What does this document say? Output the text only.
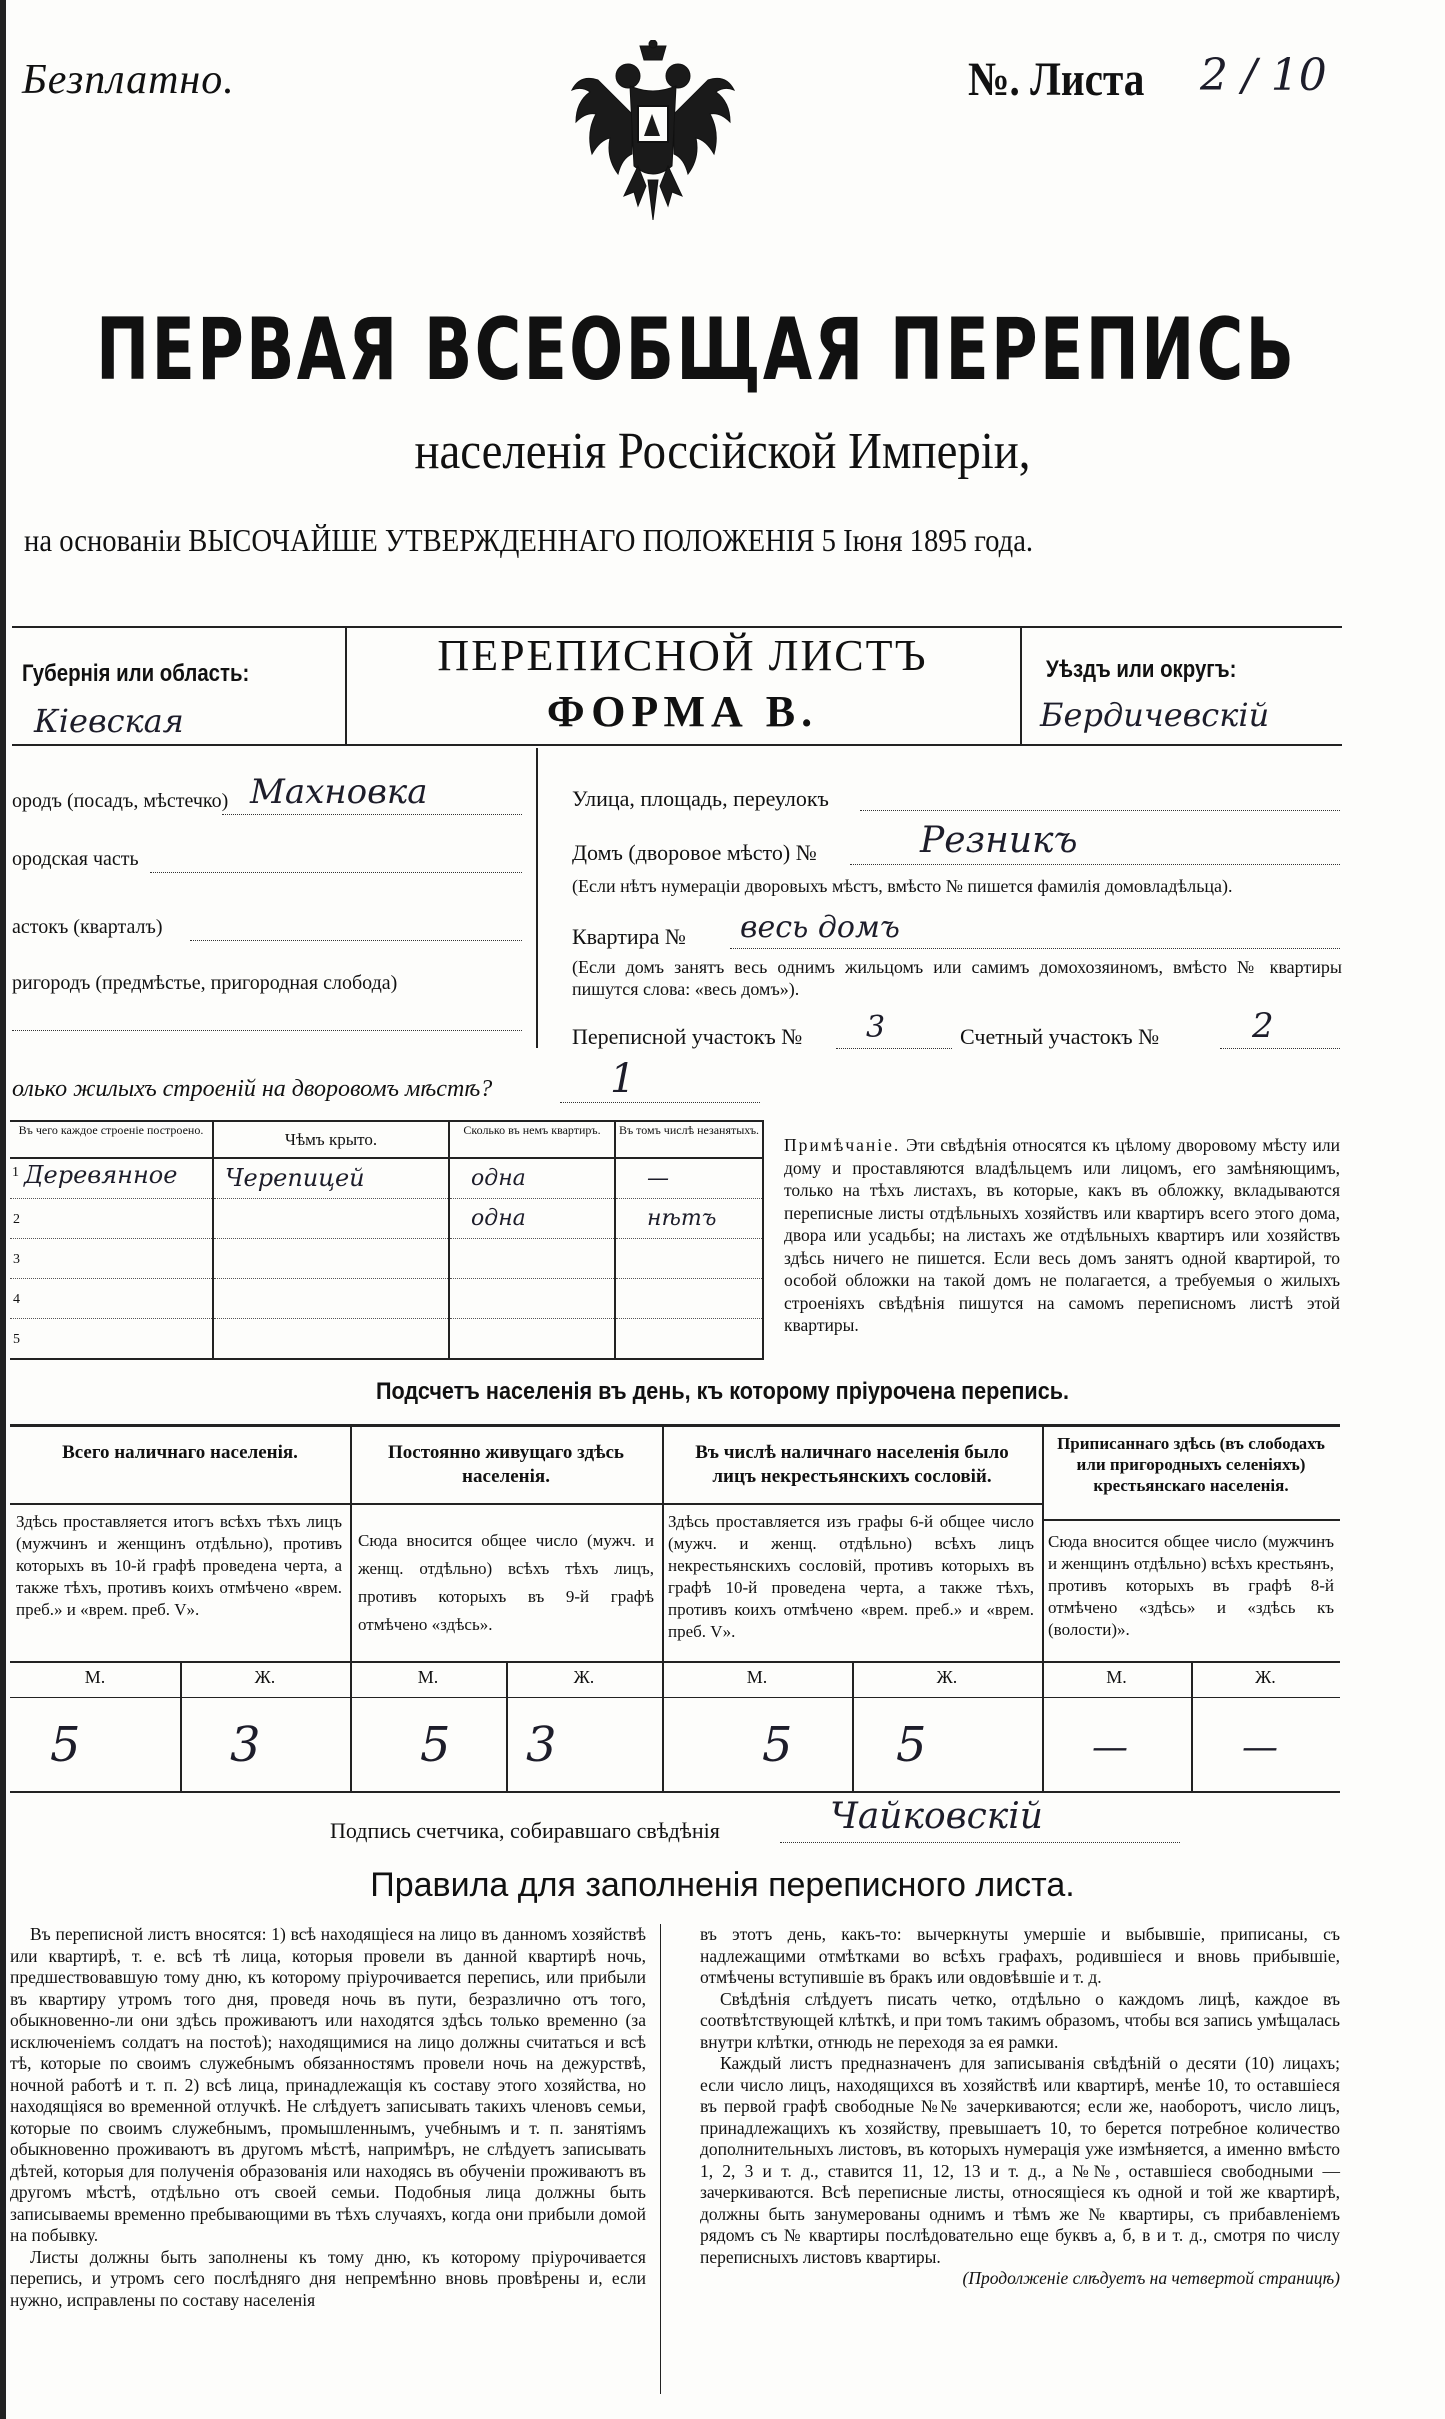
Безплатно.	№. Листа 2 / 10
ПЕРВАЯ ВСЕОБЩАЯ ПЕРЕПИСЬ
населенія Россійской Имперіи,
на основаніи ВЫСОЧАЙШЕ УТВЕРЖДЕННАГО ПОЛОЖЕНІЯ 5 Іюня 1895 года.
Губернія или область:
Кіевская
ПЕРЕПИСНОЙ ЛИСТЪ
ФОРМА В.
Уѣздъ или округъ:
Бердичевскій
ородъ (посадъ, мѣстечко) Махновка
ородская часть
астокъ (кварталъ)
ригородъ (предмѣстье, пригородная слобода)
Улица, площадь, переулокъ
Домъ (дворовое мѣсто) №	Резникъ
(Если нѣтъ нумераціи дворовыхъ мѣстъ, вмѣсто № пишется фамилія домовладѣльца).
Квартира № весь домъ
(Если домъ занятъ весь однимъ жильцомъ или самимъ домохозяиномъ, вмѣсто № квартиры пишутся слова: «весь домъ»).
Переписной участокъ № 3	Счетный участокъ №	2
олько жилыхъ строеній на дворовомъ мѣстѣ?	1
Въ чего каждое строеніе построено.	Чѣмъ крыто.	Сколько въ немъ квартиръ.	Въ томъ числѣ незанятыхъ.

1 Деревянное	Черепицей	одна	—
2		одна	нѣтъ
3			
4			
5			
Примѣчаніе. Эти свѣдѣнія относятся къ цѣлому дворовому мѣсту или дому и проставляются владѣльцемъ или лицомъ, его замѣняющимъ, только на тѣхъ листахъ, въ которые, какъ въ обложку, вкладываются переписные листы отдѣльныхъ хозяйствъ или квартиръ всего этого дома, двора или усадьбы; на листахъ же отдѣльныхъ квартиръ или хозяйствъ здѣсь ничего не пишется. Если весь домъ занятъ одной квартирой, то особой обложки на такой домъ не полагается, а требуемыя о жилыхъ строеніяхъ свѣдѣнія пишутся на самомъ переписномъ листѣ этой квартиры.
Подсчетъ населенія въ день, къ которому пріурочена перепись.
Всего наличнаго населенія.
Здѣсь проставляется итогъ всѣхъ тѣхъ лицъ (мужчинъ и женщинъ отдѣльно), противъ которыхъ въ 10-й графѣ проведена черта, а также тѣхъ, противъ коихъ отмѣчено «врем. преб.» и «врем. преб. V».
М.	Ж.
5	3
Постоянно живущаго здѣсь населенія.
Сюда вносится общее число (мужч. и женщ. отдѣльно) всѣхъ тѣхъ лицъ, противъ которыхъ въ 9-й графѣ отмѣчено «здѣсь».
М.	Ж.
5 3
Въ числѣ наличнаго населенія было лицъ некрестьянскихъ сословій.
Здѣсь проставляется изъ графы 6-й общее число (мужч. и женщ. отдѣльно) всѣхъ лицъ некрестьянскихъ сословій, противъ которыхъ въ графѣ 10-й проведена черта, а также тѣхъ, противъ коихъ отмѣчено «врем. преб.» и «врем. преб. V».
М.	Ж.
5 5
Приписаннаго здѣсь (въ слободахъ или пригородныхъ селеніяхъ) крестьянскаго населенія.
Сюда вносится общее число (мужчинъ и женщинъ отдѣльно) всѣхъ крестьянъ, противъ которыхъ въ графѣ 8-й отмѣчено «здѣсь» и «здѣсь къ (волости)».
М.	Ж.
—	—
Подпись счетчика, собиравшаго свѣдѣнія	Чайковскій
Правила для заполненія переписного листа.
Въ переписной листъ вносятся: 1) всѣ находящіеся на лицо въ данномъ хозяйствѣ или квартирѣ, т. е. всѣ тѣ лица, которыя провели въ данной квартирѣ ночь, предшествовавшую тому дню, къ которому пріурочивается перепись, или прибыли въ квартиру утромъ того дня, проведя ночь въ пути, безразлично отъ того, обыкновенно-ли они здѣсь проживаютъ или находятся здѣсь только временно (за исключеніемъ солдатъ на постоѣ); находящимися на лицо должны считаться и всѣ тѣ, которые по своимъ служебнымъ обязанностямъ провели ночь на дежурствѣ, ночной работѣ и т. п. 2) всѣ лица, принадлежащія къ составу этого хозяйства, но находящіяся во временной отлучкѣ. Не слѣдуетъ записывать такихъ членовъ семьи, которые по своимъ служебнымъ, промышленнымъ, учебнымъ и т. п. занятіямъ обыкновенно проживаютъ въ другомъ мѣстѣ, напримѣръ, не слѣдуетъ записывать дѣтей, которыя для полученія образованія или находясь въ обученіи проживаютъ въ другомъ мѣстѣ, отдѣльно отъ своей семьи. Подобныя лица должны быть записываемы временно пребывающими въ тѣхъ случаяхъ, когда они прибыли домой на побывку.
Листы должны быть заполнены къ тому дню, къ которому пріурочивается перепись, и утромъ сего послѣдняго дня непремѣнно вновь провѣрены и, если нужно, исправлены по составу населенія
въ этотъ день, какъ-то: вычеркнуты умершіе и выбывшіе, приписаны, съ надлежащими отмѣтками во всѣхъ графахъ, родившіеся и вновь прибывшіе, отмѣчены вступившіе въ бракъ или овдовѣвшіе и т. д.
Свѣдѣнія слѣдуетъ писать четко, отдѣльно о каждомъ лицѣ, каждое въ соотвѣтствующей клѣткѣ, и при томъ такимъ образомъ, чтобы вся запись умѣщалась внутри клѣтки, отнюдь не переходя за ея рамки.
Каждый листъ предназначенъ для записыванія свѣдѣній о десяти (10) лицахъ; если число лицъ, находящихся въ хозяйствѣ или квартирѣ, менѣе 10, то оставшіеся въ первой графѣ свободные №№ зачеркиваются; если же, наоборотъ, число лицъ, принадлежащихъ къ хозяйству, превышаетъ 10, то берется потребное количество дополнительныхъ листовъ, въ которыхъ нумерація уже измѣняется, а именно вмѣсто 1, 2, 3 и т. д., ставится 11, 12, 13 и т. д., а №№, оставшіеся свободными — зачеркиваются. Всѣ переписные листы, относящіеся къ одной и той же квартирѣ, должны быть занумерованы однимъ и тѣмъ же № квартиры, съ прибавленіемъ рядомъ съ № квартиры послѣдовательно еще буквъ а, б, в и т. д., смотря по числу переписныхъ листовъ квартиры.
(Продолженіе слѣдуетъ на четвертой страницѣ)
